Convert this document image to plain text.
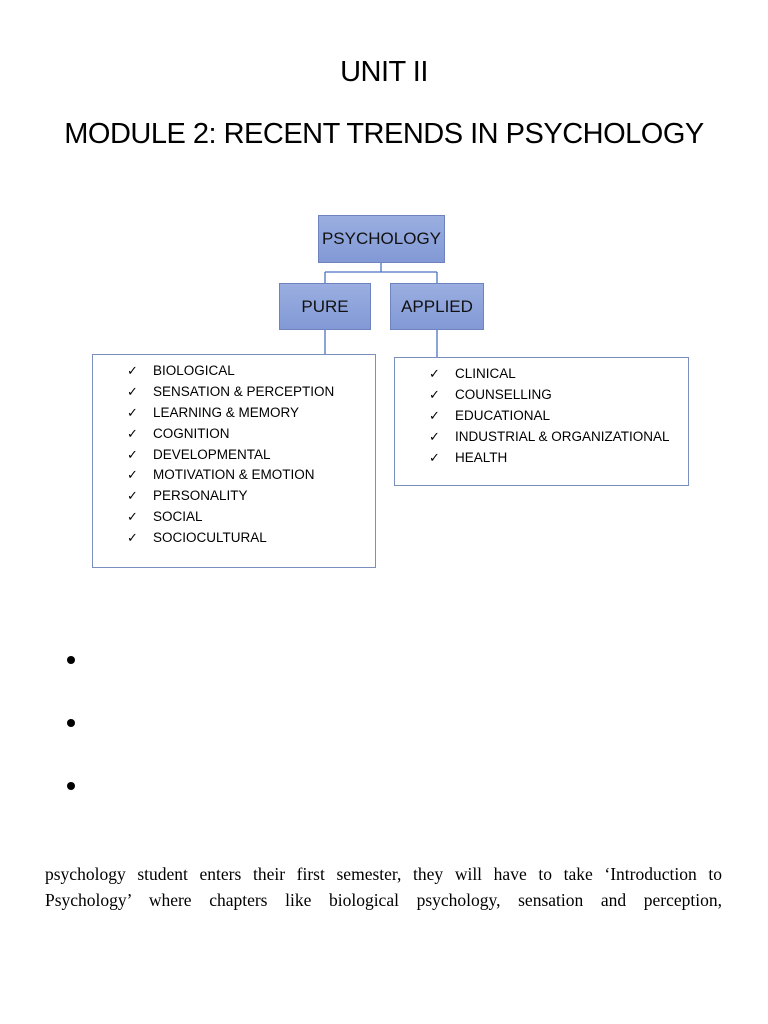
UNIT II
MODULE 2: RECENT TRENDS IN PSYCHOLOGY
PSYCHOLOGY
PURE	APPLIED
✓ BIOLOGICAL
✓ SENSATION & PERCEPTION
✓ LEARNING & MEMORY
✓ COGNITION
✓ DEVELOPMENTAL
✓ MOTIVATION & EMOTION
✓ PERSONALITY
✓ SOCIAL
✓ SOCIOCULTURAL
✓ CLINICAL
✓ COUNSELLING
✓ EDUCATIONAL
✓ INDUSTRIAL & ORGANIZATIONAL
✓ HEALTH
psychology student enters their first semester, they will have to take ‘Introduction to
Psychology’ where chapters like biological psychology, sensation and perception,
